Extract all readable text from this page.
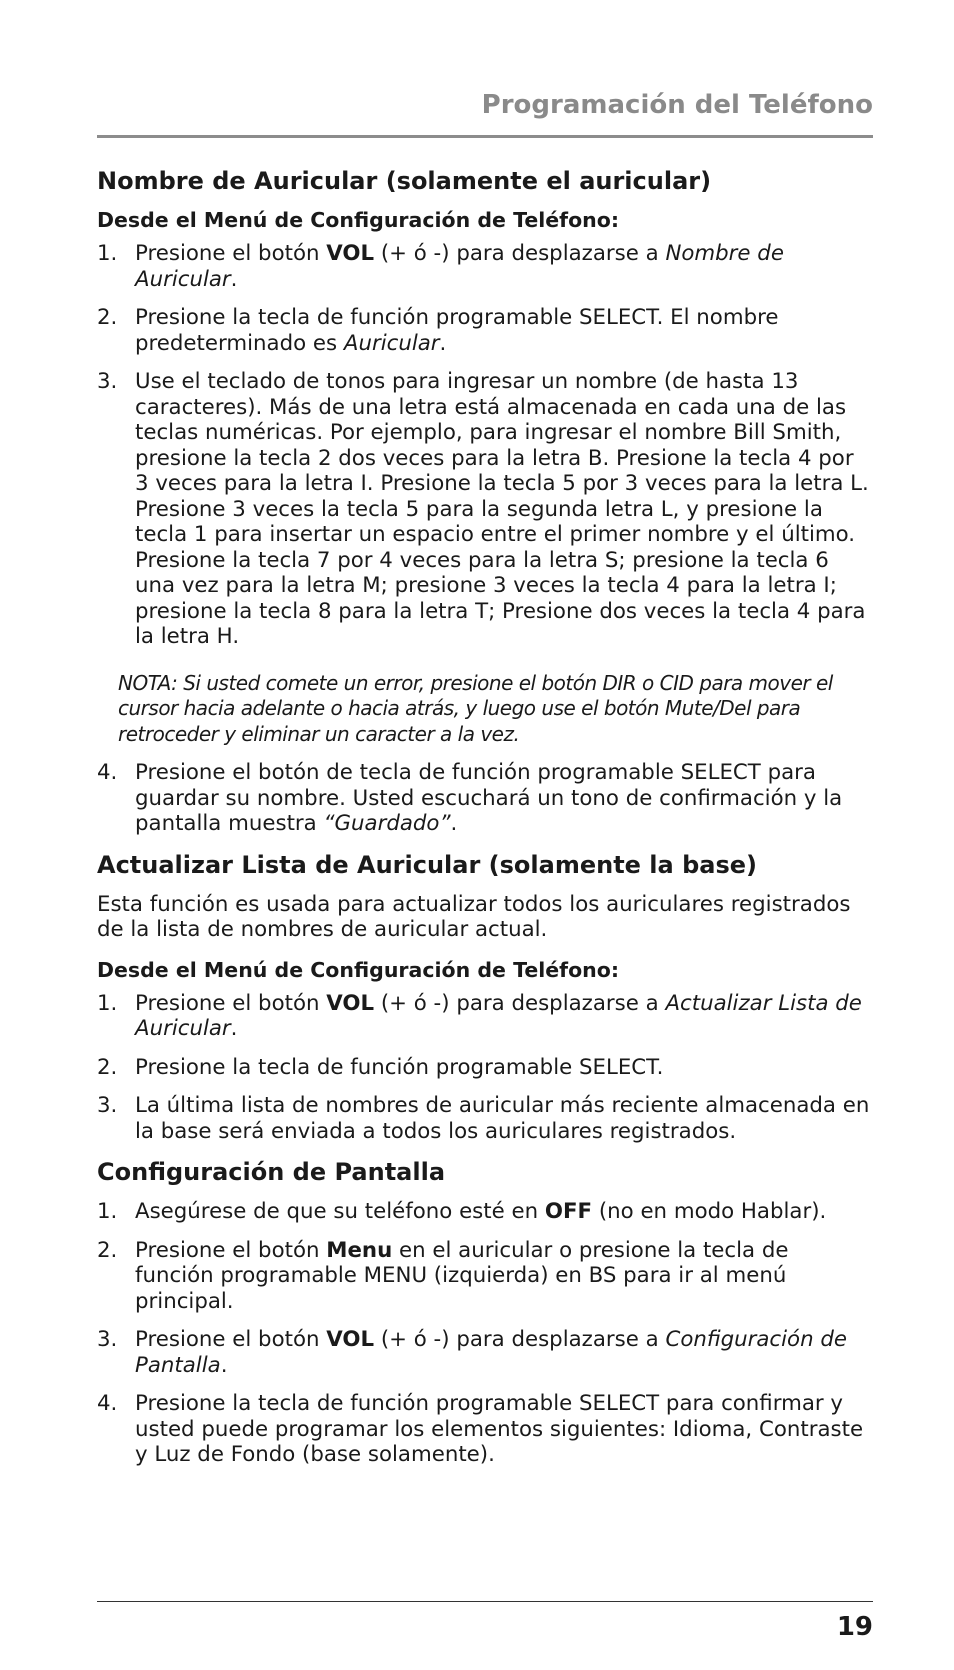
Programación del Teléfono
Nombre de Auricular (solamente el auricular)
Desde el Menú de Configuración de Teléfono:
1. Presione el botón VOL (+ ó -) para desplazarse a Nombre de Auricular.
2. Presione la tecla de función programable SELECT. El nombre predeterminado es Auricular.
3. Use el teclado de tonos para ingresar un nombre (de hasta 13 caracteres). Más de una letra está almacenada en cada una de las teclas numéricas. Por ejemplo, para ingresar el nombre Bill Smith, presione la tecla 2 dos veces para la letra B. Presione la tecla 4 por 3 veces para la letra I. Presione la tecla 5 por 3 veces para la letra L. Presione 3 veces la tecla 5 para la segunda letra L, y presione la tecla 1 para insertar un espacio entre el primer nombre y el último. Presione la tecla 7 por 4 veces para la letra S; presione la tecla 6 una vez para la letra M; presione 3 veces la tecla 4 para la letra I; presione la tecla 8 para la letra T; Presione dos veces la tecla 4 para la letra H.

NOTA: Si usted comete un error, presione el botón DIR o CID para mover el cursor hacia adelante o hacia atrás, y luego use el botón Mute/Del para retroceder y eliminar un caracter a la vez.

4. Presione el botón de tecla de función programable SELECT para guardar su nombre. Usted escuchará un tono de confirmación y la pantalla muestra “Guardado”.
Actualizar Lista de Auricular (solamente la base)

Esta función es usada para actualizar todos los auriculares registrados de la lista de nombres de auricular actual.

Desde el Menú de Configuración de Teléfono:
1. Presione el botón VOL (+ ó -) para desplazarse a Actualizar Lista de Auricular.
2. Presione la tecla de función programable SELECT.
3. La última lista de nombres de auricular más reciente almacenada en la base será enviada a todos los auriculares registrados.
Configuración de Pantalla
1. Asegúrese de que su teléfono esté en OFF (no en modo Hablar).
2. Presione el botón Menu en el auricular o presione la tecla de función programable MENU (izquierda) en BS para ir al menú principal.
3. Presione el botón VOL (+ ó -) para desplazarse a Configuración de Pantalla.
4. Presione la tecla de función programable SELECT para confirmar y usted puede programar los elementos siguientes: Idioma, Contraste y Luz de Fondo (base solamente).
19
